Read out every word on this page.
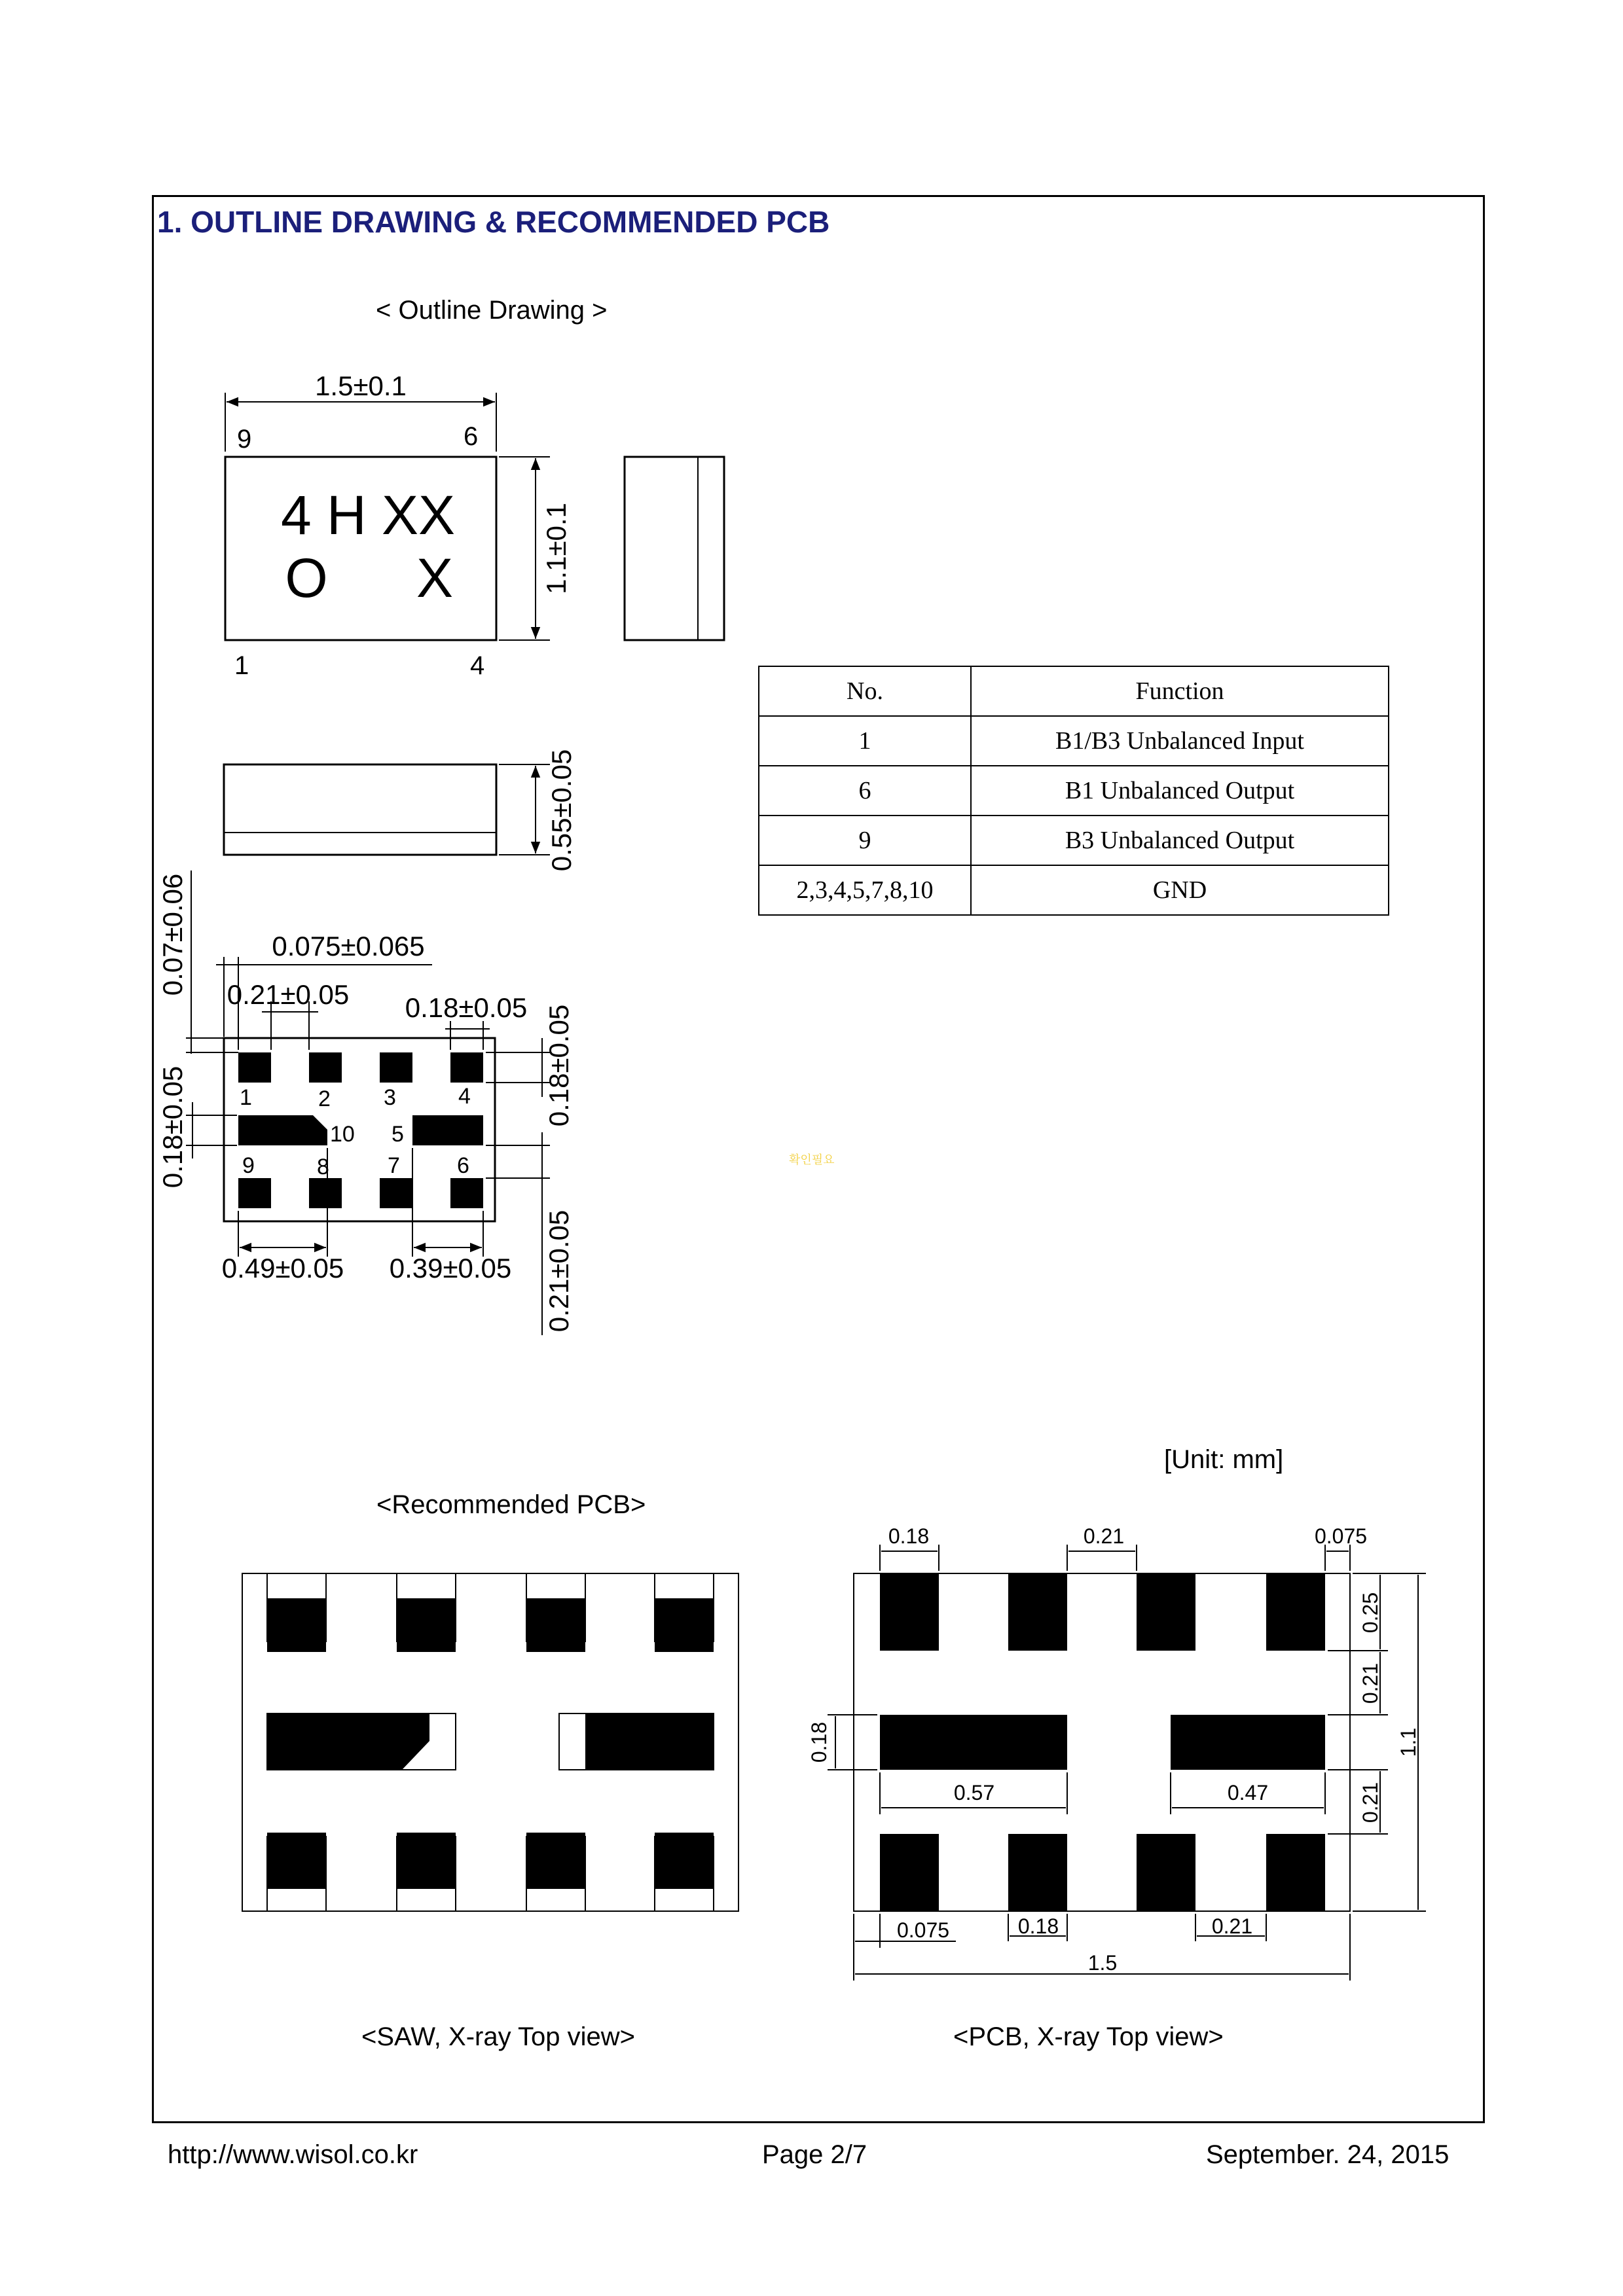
1. OUTLINE DRAWING & RECOMMENDED PCB
< Outline Drawing >
[Unit: mm]
<Recommended PCB>
<SAW, X-ray Top view>	<PCB, X-ray Top view>
확인필요
1.5±0.1
1.1±0.1
9	6
1	4
4 H XX
O X
0.55±0.05
1	2 3	4
10 5
9	8	7	6
0.07±0.06	0.075±0.065
0.21±0.05 0.18±0.05 0.18±0.05
0.18±0.05
0.49±0.05 0.39±0.05 0.21±0.05
0.18	0.21	0.075
0.25
0.21
1.1
0.21
0.18
0.57	0.47
0.075	0.18	0.21
1.5
No.	Function
1	B1/B3 Unbalanced Input
6	B1 Unbalanced Output
9	B3 Unbalanced Output
2,3,4,5,7,8,10	GND
http://www.wisol.co.kr	Page 2/7	September. 24, 2015
